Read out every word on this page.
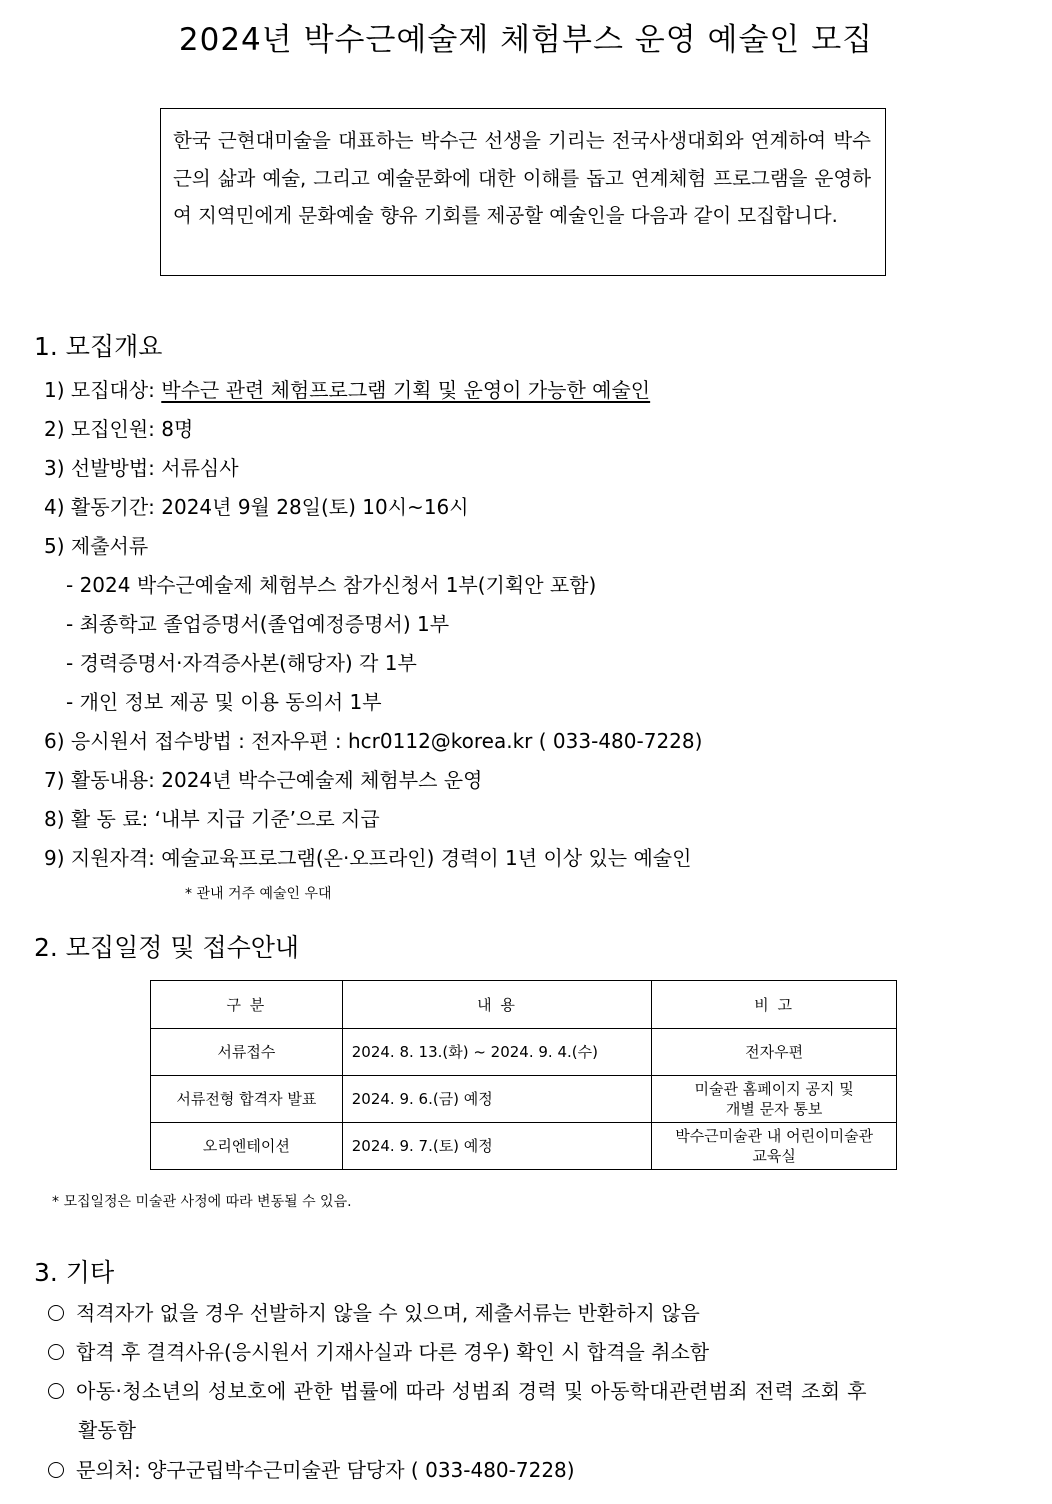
2024년 박수근예술제 체험부스 운영 예술인 모집
한국 근현대미술을 대표하는 박수근 선생을 기리는 전국사생대회와 연계하여 박수근의 삶과 예술, 그리고 예술문화에 대한 이해를 돕고 연계체험 프로그램을 운영하여 지역민에게 문화예술 향유 기회를 제공할 예술인을 다음과 같이 모집합니다.
1. 모집개요
1) 모집대상: 박수근 관련 체험프로그램 기획 및 운영이 가능한 예술인
2) 모집인원: 8명
3) 선발방법: 서류심사
4) 활동기간: 2024년 9월 28일(토) 10시~16시
5) 제출서류
- 2024 박수근예술제 체험부스 참가신청서 1부(기획안 포함)
- 최종학교 졸업증명서(졸업예정증명서) 1부
- 경력증명서·자격증사본(해당자) 각 1부
- 개인 정보 제공 및 이용 동의서 1부
6) 응시원서 접수방법 : 전자우편 : hcr0112@korea.kr ( 033-480-7228)
7) 활동내용: 2024년 박수근예술제 체험부스 운영
8) 활 동 료: ‘내부 지급 기준’으로 지급
9) 지원자격: 예술교육프로그램(온·오프라인) 경력이 1년 이상 있는 예술인
* 관내 거주 예술인 우대
2. 모집일정 및 접수안내
구 분	내 용	비 고
서류접수	2024. 8. 13.(화) ~ 2024. 9. 4.(수)	전자우편

서류전형 합격자 발표	2024. 9. 6.(금) 예정	미술관 홈페이지 공지 및
개별 문자 통보

오리엔테이션	2024. 9. 7.(토) 예정	박수근미술관 내 어린이미술관
교육실
* 모집일정은 미술관 사정에 따라 변동될 수 있음.
3. 기타
적격자가 없을 경우 선발하지 않을 수 있으며, 제출서류는 반환하지 않음
합격 후 결격사유(응시원서 기재사실과 다른 경우) 확인 시 합격을 취소함
아동·청소년의 성보호에 관한 법률에 따라 성범죄 경력 및 아동학대관련범죄 전력 조회 후
활동함
문의처: 양구군립박수근미술관 담당자 ( 033-480-7228)
